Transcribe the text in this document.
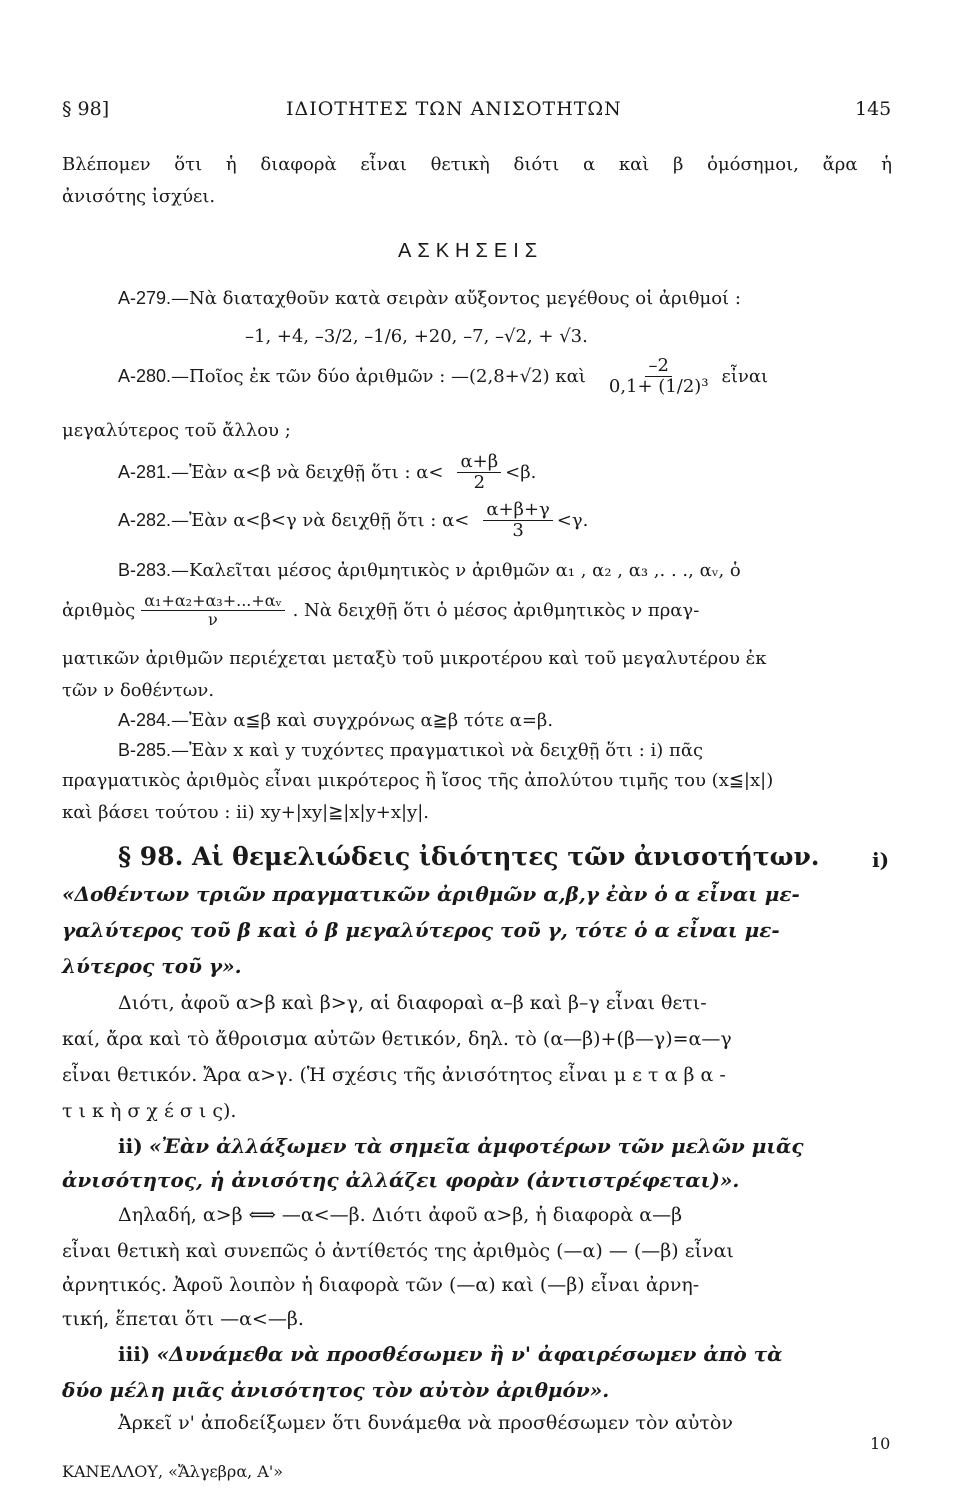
§ 98]	ΙΔΙΟΤΗΤΕΣ ΤΩΝ ΑΝΙΣΟΤΗΤΩΝ	145
Βλέπομεν ὅτι ἡ διαφορὰ εἶναι θετικὴ διότι α καὶ β ὁμόσημοι, ἄρα ἡ
ἀνισότης ἰσχύει.
ΑΣΚΗΣΕΙΣ
Α-279.—Νὰ διαταχθοῦν κατὰ σειρὰν αὔξοντος μεγέθους οἱ ἀριθμοί :
–1, +4, –3/2, –1/6, +20, –7, –√2, + √3.
Α-280. —Ποῖος ἐκ τῶν δύο ἀριθμῶν : —(2,8+√2) καὶ $\frac{-2}{\text{0,1+ (1/2)³}}$ εἶναι
μεγαλύτερος τοῦ ἄλλου ;
Α-281. —Ἐὰν α<β νὰ δειχθῇ ὅτι : $\alpha< \frac{\alpha+\beta}{2} <\beta$.
Α-282. —Ἐὰν α<β<γ νὰ δειχθῇ ὅτι : $\alpha< \frac{\alpha+\beta+\gamma}{3} <\gamma$.
Β-283.—Καλεῖται μέσος ἀριθμητικὸς ν ἀριθμῶν α₁ , α₂ , α₃ ,. . ., αᵥ, ὁ
ἀριθμὸς $\frac{\text{α₁+α₂+α₃+...+αᵥ}}{\nu}$ . Νὰ δειχθῇ ὅτι ὁ μέσος ἀριθμητικὸς ν πραγ-
ματικῶν ἀριθμῶν περιέχεται μεταξὺ τοῦ μικροτέρου καὶ τοῦ μεγαλυτέρου ἐκ
τῶν ν δοθέντων.
Α-284.—Ἐὰν α≦β καὶ συγχρόνως α≧β τότε α=β.
Β-285.—Ἐὰν x καὶ y τυχόντες πραγματικοὶ νὰ δειχθῇ ὅτι : i) πᾶς
πραγματικὸς ἀριθμὸς εἶναι μικρότερος ἢ ἴσος τῆς ἀπολύτου τιμῆς του (x≦|x|)
καὶ βάσει τούτου : ii) xy+|xy|≧|x|y+x|y|.
§ 98. Αἱ θεμελιώδεις ἰδιότητες τῶν ἀνισοτήτων.	i)
«Δοθέντων τριῶν πραγματικῶν ἀριθμῶν α,β,γ ἐὰν ὁ α εἶναι με-
γαλύτερος τοῦ β καὶ ὁ β μεγαλύτερος τοῦ γ, τότε ὁ α εἶναι με-
λύτερος τοῦ γ».
Διότι, ἀφοῦ α>β καὶ β>γ, αἱ διαφοραὶ α–β καὶ β–γ εἶναι θετι-
καί, ἄρα καὶ τὸ ἄθροισμα αὐτῶν θετικόν, δηλ. τὸ (α—β)+(β—γ)=α—γ
εἶναι θετικόν. Ἄρα α>γ. (Ἡ σχέσις τῆς ἀνισότητος εἶναι μ ε τ α β α -
τ ι κ ὴ σ χ έ σ ι ς).
ii) «Ἐὰν ἀλλάξωμεν τὰ σημεῖα ἀμφοτέρων τῶν μελῶν μιᾶς
ἀνισότητος, ἡ ἀνισότης ἀλλάζει φορὰν (ἀντιστρέφεται)».
Δηλαδή, α>β ⟺ —α<—β. Διότι ἀφοῦ α>β, ἡ διαφορὰ α—β
εἶναι θετικὴ καὶ συνεπῶς ὁ ἀντίθετός της ἀριθμὸς (—α) — (—β) εἶναι
ἀρνητικός. Ἀφοῦ λοιπὸν ἡ διαφορὰ τῶν (—α) καὶ (—β) εἶναι ἀρνη-
τική, ἕπεται ὅτι —α<—β.
iii) «Δυνάμεθα νὰ προσθέσωμεν ἢ ν' ἀφαιρέσωμεν ἀπὸ τὰ
δύο μέλη μιᾶς ἀνισότητος τὸν αὐτὸν ἀριθμόν».
Ἀρκεῖ ν' ἀποδείξωμεν ὅτι δυνάμεθα νὰ προσθέσωμεν τὸν αὐτὸν
10
ΚΑΝΕΛΛΟΥ, «Ἄλγεβρα, Α'»
